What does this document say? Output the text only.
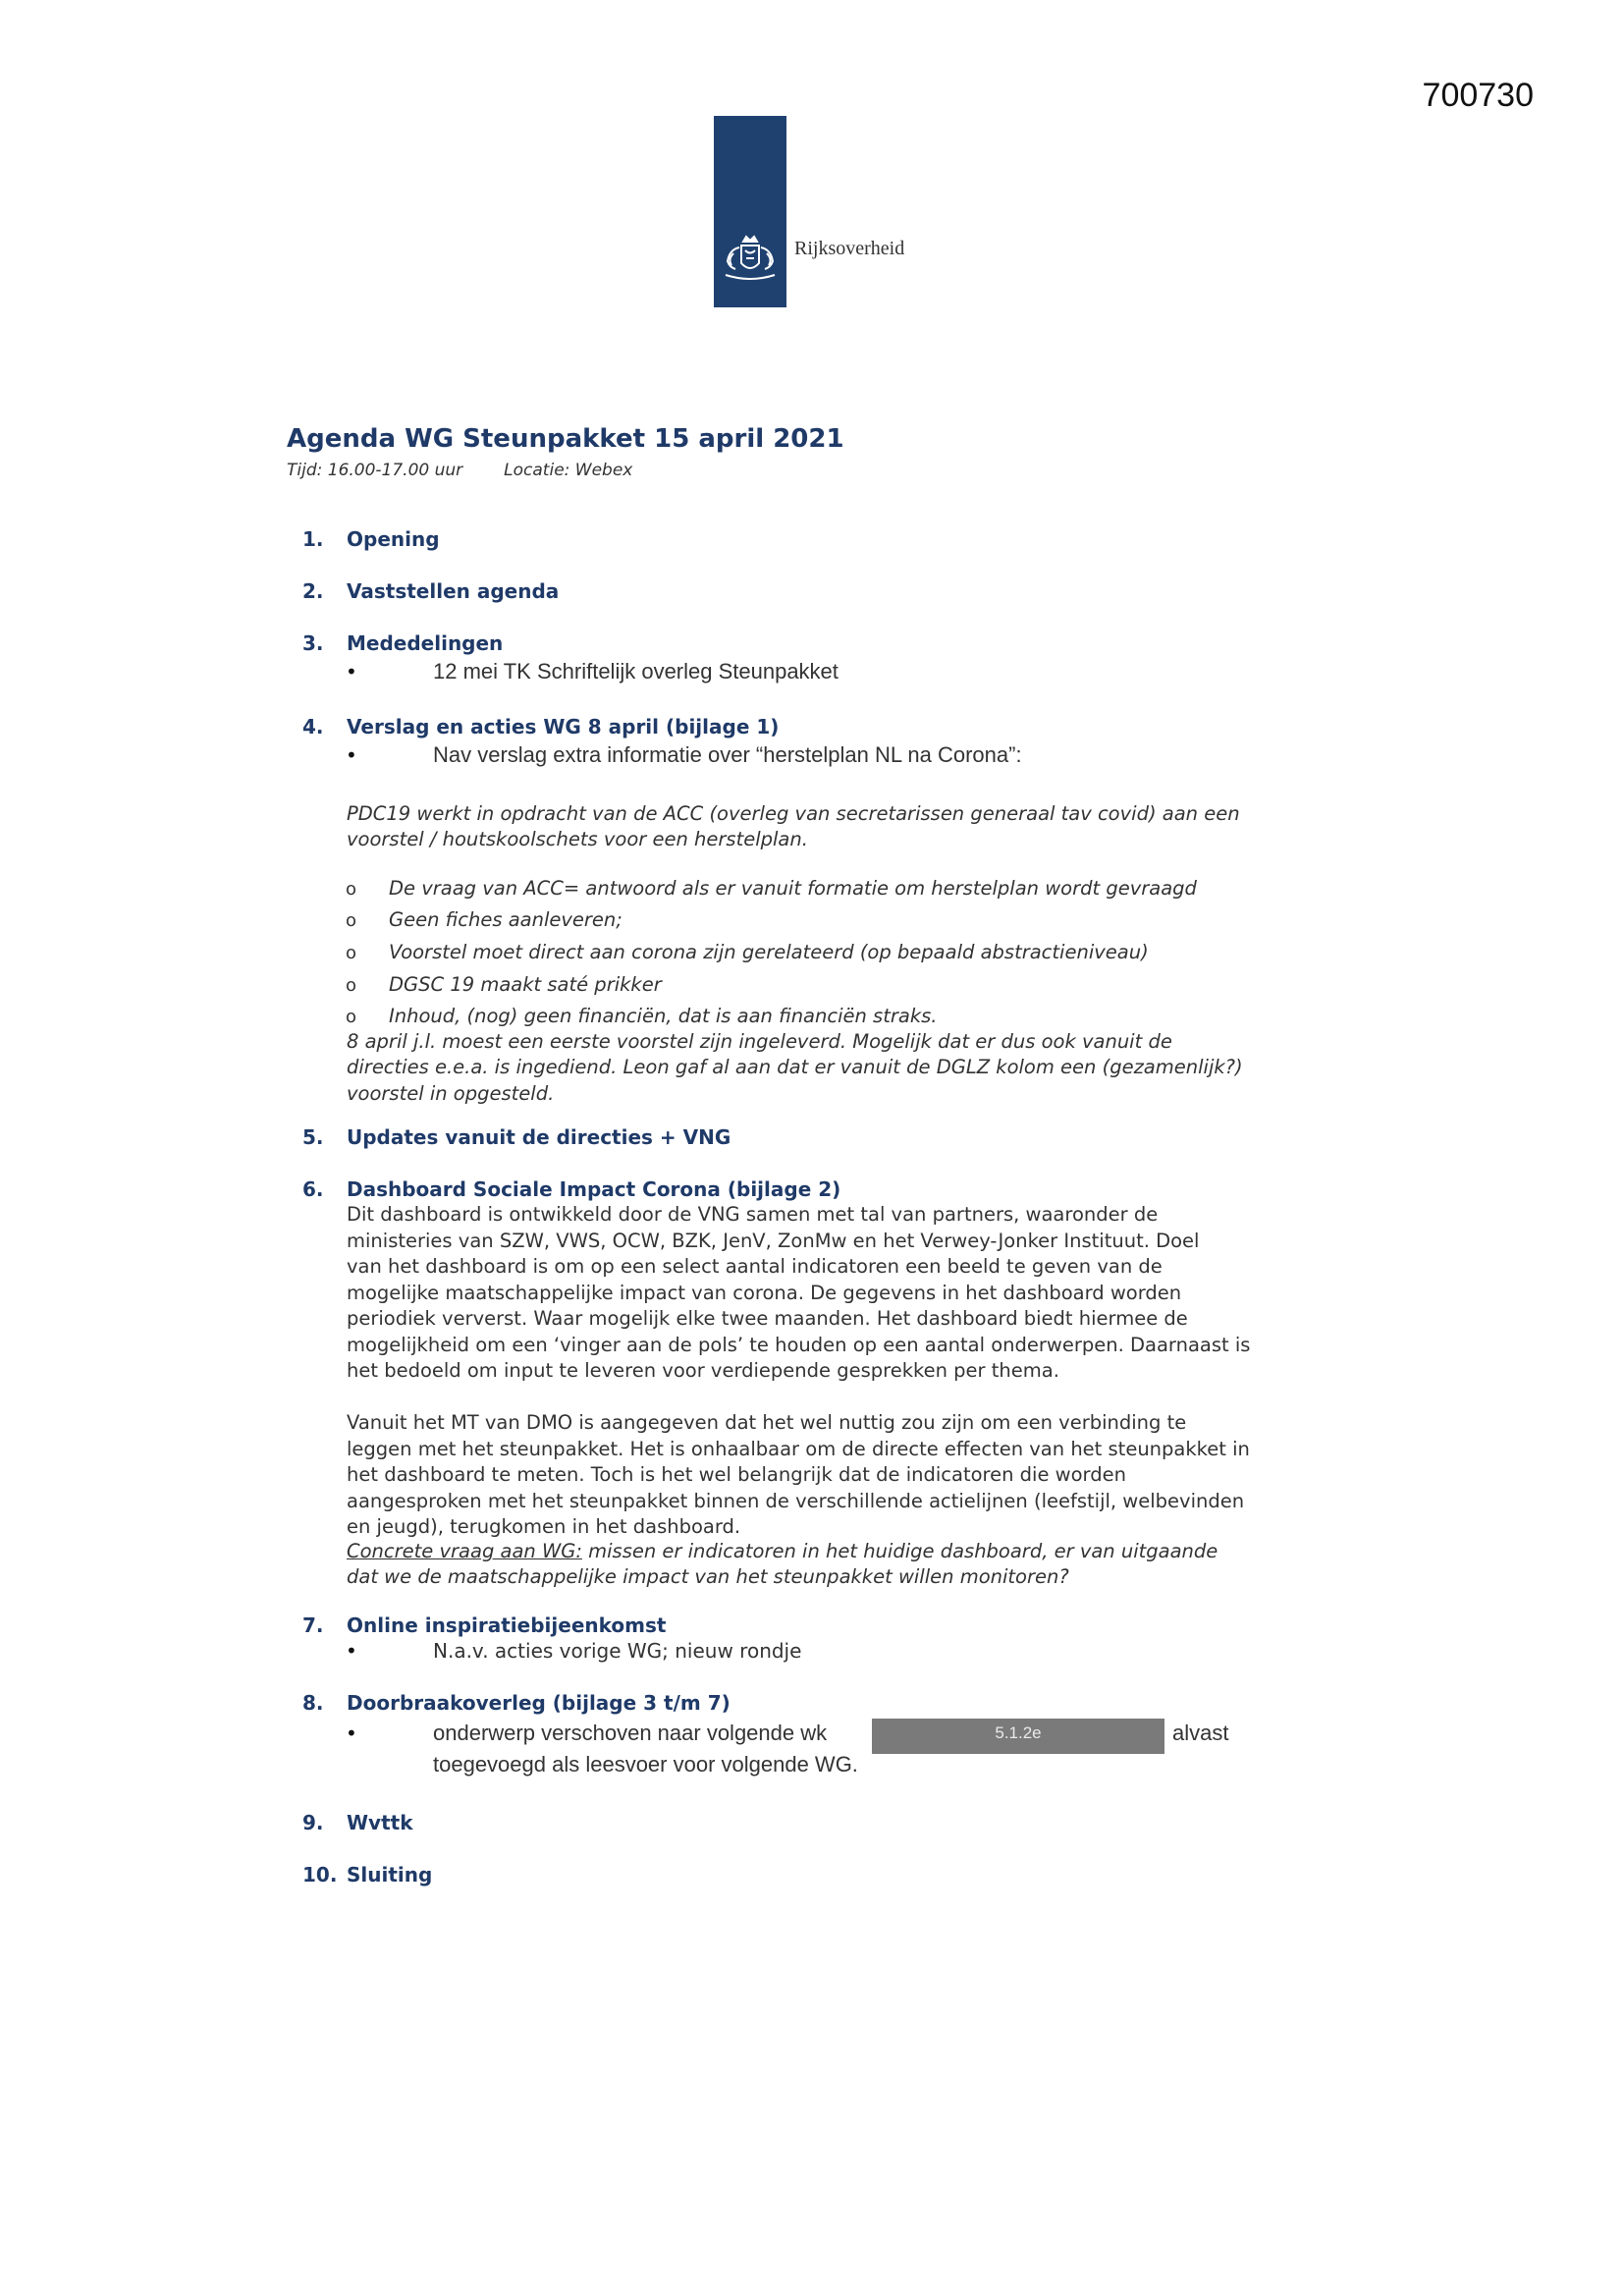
700730
Rijksoverheid
Agenda WG Steunpakket 15 april 2021
Tijd: 16.00-17.00 uur Locatie: Webex
1. Opening
2. Vaststellen agenda
3. Mededelingen
•	12 mei TK Schriftelijk overleg Steunpakket
4. Verslag en acties WG 8 april (bijlage 1)
•	Nav verslag extra informatie over “herstelplan NL na Corona”:
PDC19 werkt in opdracht van de ACC (overleg van secretarissen generaal tav covid) aan een
voorstel / houtskoolschets voor een herstelplan.
o De vraag van ACC= antwoord als er vanuit formatie om herstelplan wordt gevraagd
o Geen fiches aanleveren;
o Voorstel moet direct aan corona zijn gerelateerd (op bepaald abstractieniveau)
o DGSC 19 maakt saté prikker
o Inhoud, (nog) geen financiën, dat is aan financiën straks.
8 april j.l. moest een eerste voorstel zijn ingeleverd. Mogelijk dat er dus ook vanuit de
directies e.e.a. is ingediend. Leon gaf al aan dat er vanuit de DGLZ kolom een (gezamenlijk?)
voorstel in opgesteld.
5. Updates vanuit de directies + VNG
6. Dashboard Sociale Impact Corona (bijlage 2)
Dit dashboard is ontwikkeld door de VNG samen met tal van partners, waaronder de
ministeries van SZW, VWS, OCW, BZK, JenV, ZonMw en het Verwey-Jonker Instituut. Doel
van het dashboard is om op een select aantal indicatoren een beeld te geven van de
mogelijke maatschappelijke impact van corona. De gegevens in het dashboard worden
periodiek ververst. Waar mogelijk elke twee maanden. Het dashboard biedt hiermee de
mogelijkheid om een ‘vinger aan de pols’ te houden op een aantal onderwerpen. Daarnaast is
het bedoeld om input te leveren voor verdiepende gesprekken per thema.
Vanuit het MT van DMO is aangegeven dat het wel nuttig zou zijn om een verbinding te
leggen met het steunpakket. Het is onhaalbaar om de directe effecten van het steunpakket in
het dashboard te meten. Toch is het wel belangrijk dat de indicatoren die worden
aangesproken met het steunpakket binnen de verschillende actielijnen (leefstijl, welbevinden
en jeugd), terugkomen in het dashboard.
Concrete vraag aan WG: missen er indicatoren in het huidige dashboard, er van uitgaande
dat we de maatschappelijke impact van het steunpakket willen monitoren?
7. Online inspiratiebijeenkomst
•	N.a.v. acties vorige WG; nieuw rondje
8. Doorbraakoverleg (bijlage 3 t/m 7)
•	onderwerp verschoven naar volgende wk	5.1.2e	alvast
toegevoegd als leesvoer voor volgende WG.
9. Wvttk
10. Sluiting
